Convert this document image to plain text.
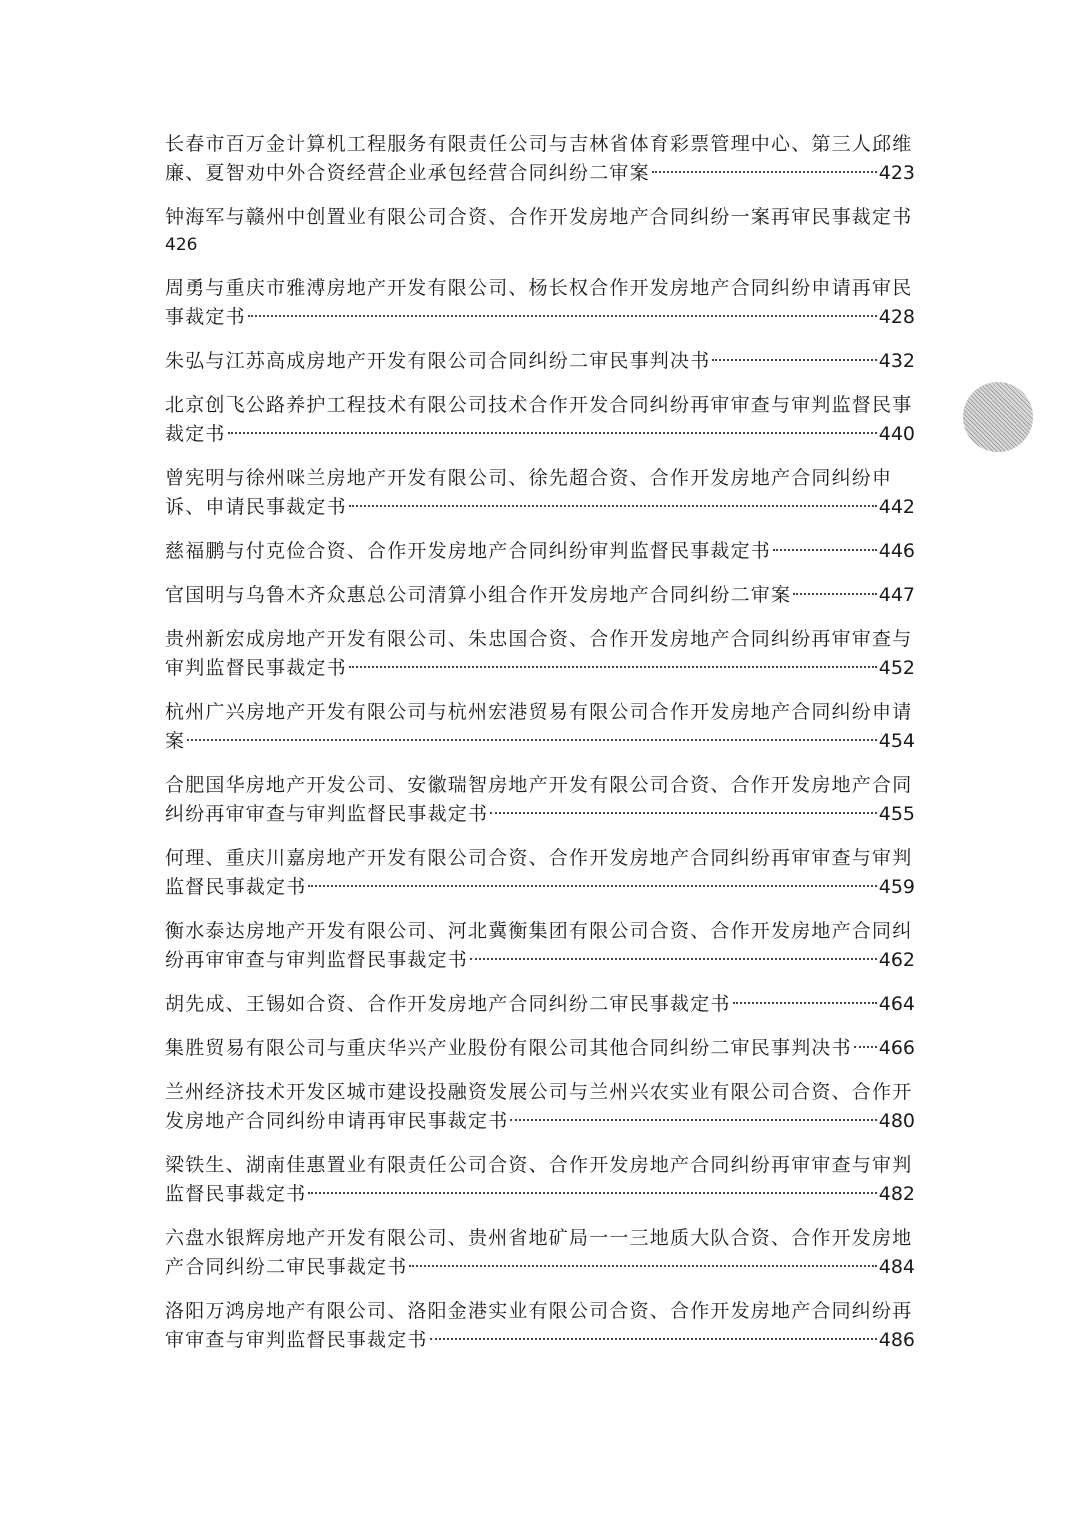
长春市百万金计算机工程服务有限责任公司与吉林省体育彩票管理中心、第三人邱维
廉、夏智劝中外合资经营企业承包经营合同纠纷二审案	423
钟海军与赣州中创置业有限公司合资、合作开发房地产合同纠纷一案再审民事裁定书
426
周勇与重庆市雅溥房地产开发有限公司、杨长权合作开发房地产合同纠纷申请再审民
事裁定书	428
朱弘与江苏高成房地产开发有限公司合同纠纷二审民事判决书	432
北京创飞公路养护工程技术有限公司技术合作开发合同纠纷再审审查与审判监督民事
裁定书	440
曾宪明与徐州咪兰房地产开发有限公司、徐先超合资、合作开发房地产合同纠纷申
诉、申请民事裁定书	442
慈福鹏与付克俭合资、合作开发房地产合同纠纷审判监督民事裁定书	446
官国明与乌鲁木齐众惠总公司清算小组合作开发房地产合同纠纷二审案	447
贵州新宏成房地产开发有限公司、朱忠国合资、合作开发房地产合同纠纷再审审查与
审判监督民事裁定书	452
杭州广兴房地产开发有限公司与杭州宏港贸易有限公司合作开发房地产合同纠纷申请
案	454
合肥国华房地产开发公司、安徽瑞智房地产开发有限公司合资、合作开发房地产合同
纠纷再审审查与审判监督民事裁定书	455
何理、重庆川嘉房地产开发有限公司合资、合作开发房地产合同纠纷再审审查与审判
监督民事裁定书	459
衡水泰达房地产开发有限公司、河北冀衡集团有限公司合资、合作开发房地产合同纠
纷再审审查与审判监督民事裁定书	462
胡先成、王锡如合资、合作开发房地产合同纠纷二审民事裁定书	464
集胜贸易有限公司与重庆华兴产业股份有限公司其他合同纠纷二审民事判决书 466
兰州经济技术开发区城市建设投融资发展公司与兰州兴农实业有限公司合资、合作开
发房地产合同纠纷申请再审民事裁定书	480
梁铁生、湖南佳惠置业有限责任公司合资、合作开发房地产合同纠纷再审审查与审判
监督民事裁定书	482
六盘水银辉房地产开发有限公司、贵州省地矿局一一三地质大队合资、合作开发房地
产合同纠纷二审民事裁定书	484
洛阳万鸿房地产有限公司、洛阳金港实业有限公司合资、合作开发房地产合同纠纷再
审审查与审判监督民事裁定书	486
